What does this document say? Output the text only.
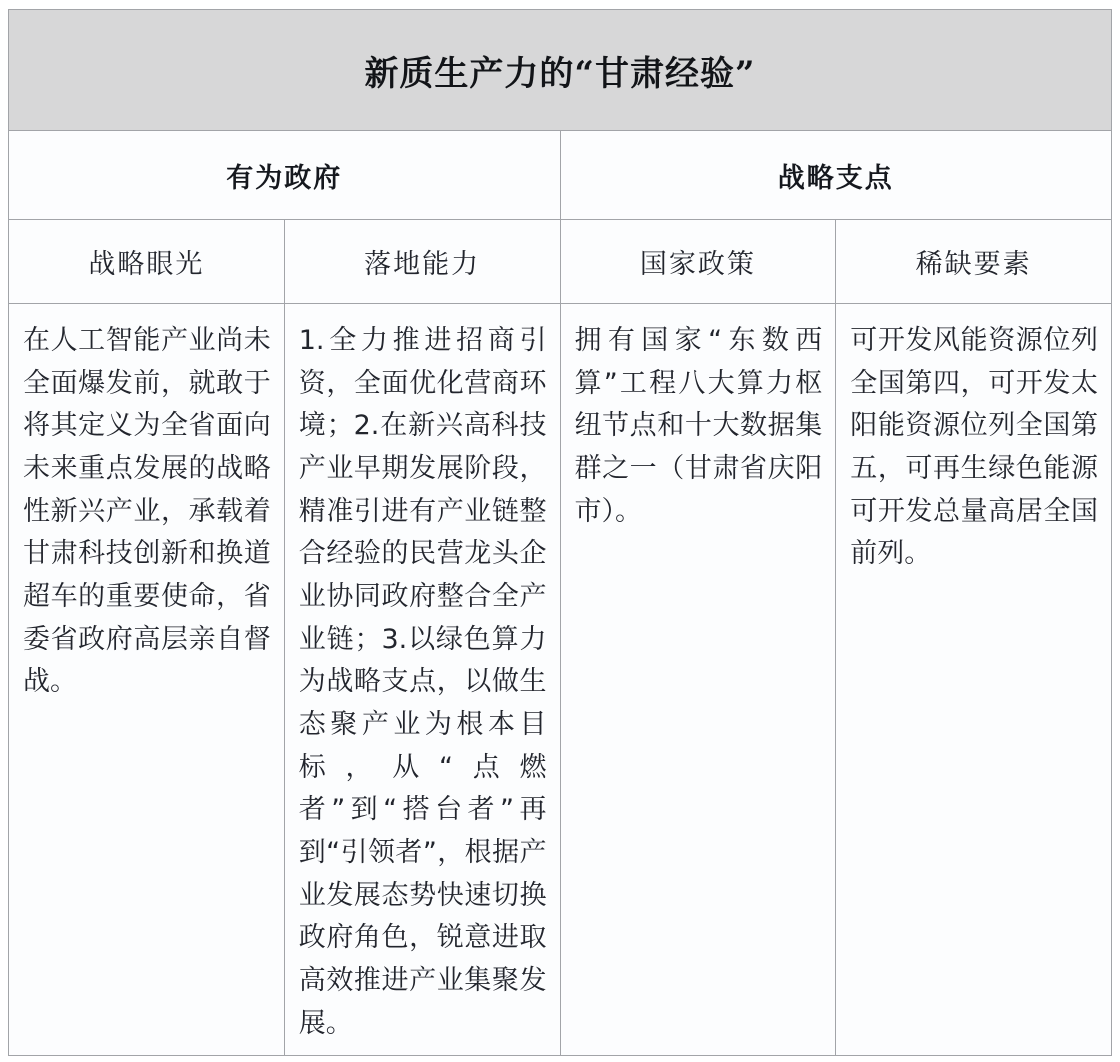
新质生产力的“甘肃经验”			
有为政府		战略支点	
战略眼光	落地能力	国家政策	稀缺要素
在人工智能产业尚未全面爆发前，就敢于将其定义为全省面向未来重点发展的战略性新兴产业，承载着甘肃科技创新和换道超车的重要使命，省委省政府高层亲自督战。	1.全力推进招商引资，全面优化营商环境；2.在新兴高科技产业早期发展阶段，精准引进有产业链整合经验的民营龙头企业协同政府整合全产业链；3.以绿色算力为战略支点，以做生态聚产业为根本目标，从“点燃者”到“搭台者”再到“引领者”，根据产业发展态势快速切换政府角色，锐意进取高效推进产业集聚发展。	拥有国家“东数西算”工程八大算力枢纽节点和十大数据集群之一（甘肃省庆阳市）。	可开发风能资源位列全国第四，可开发太阳能资源位列全国第五，可再生绿色能源可开发总量高居全国前列。
